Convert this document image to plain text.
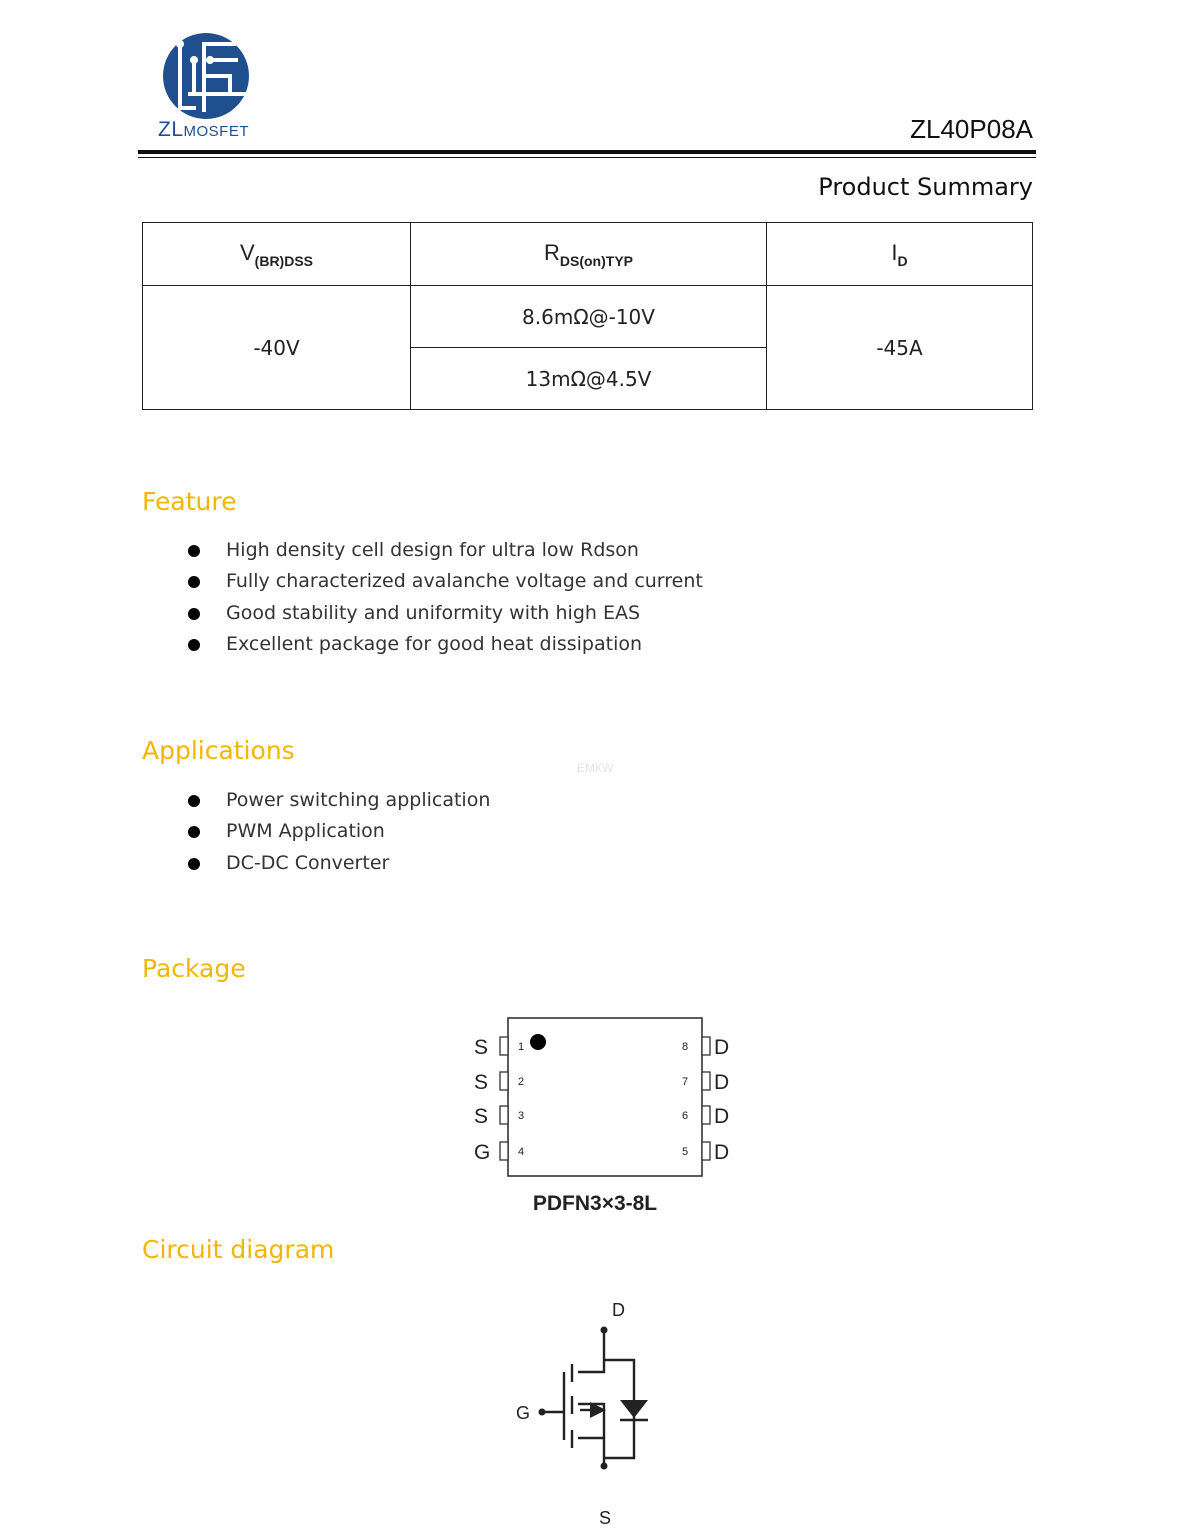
ZLMOSFET	ZL40P08A
Product Summary
$V_{(BR)DSS}$	$R_{DS(on)TYP}$	$I_D$
-40V	8.6mΩ@-10V	-45A
	13mΩ@4.5V	
Feature
High density cell design for ultra low Rdson
Fully characterized avalanche voltage and current
Good stability and uniformity with high EAS
Excellent package for good heat dissipation
Applications
ЕМКW
Power switching application
PWM Application
DC-DC Converter
Package
S	1
S	2
S	3
G	4
D
8
D
7
D
6
D
5
PDFN3×3-8L
Circuit diagram
D
G
S
